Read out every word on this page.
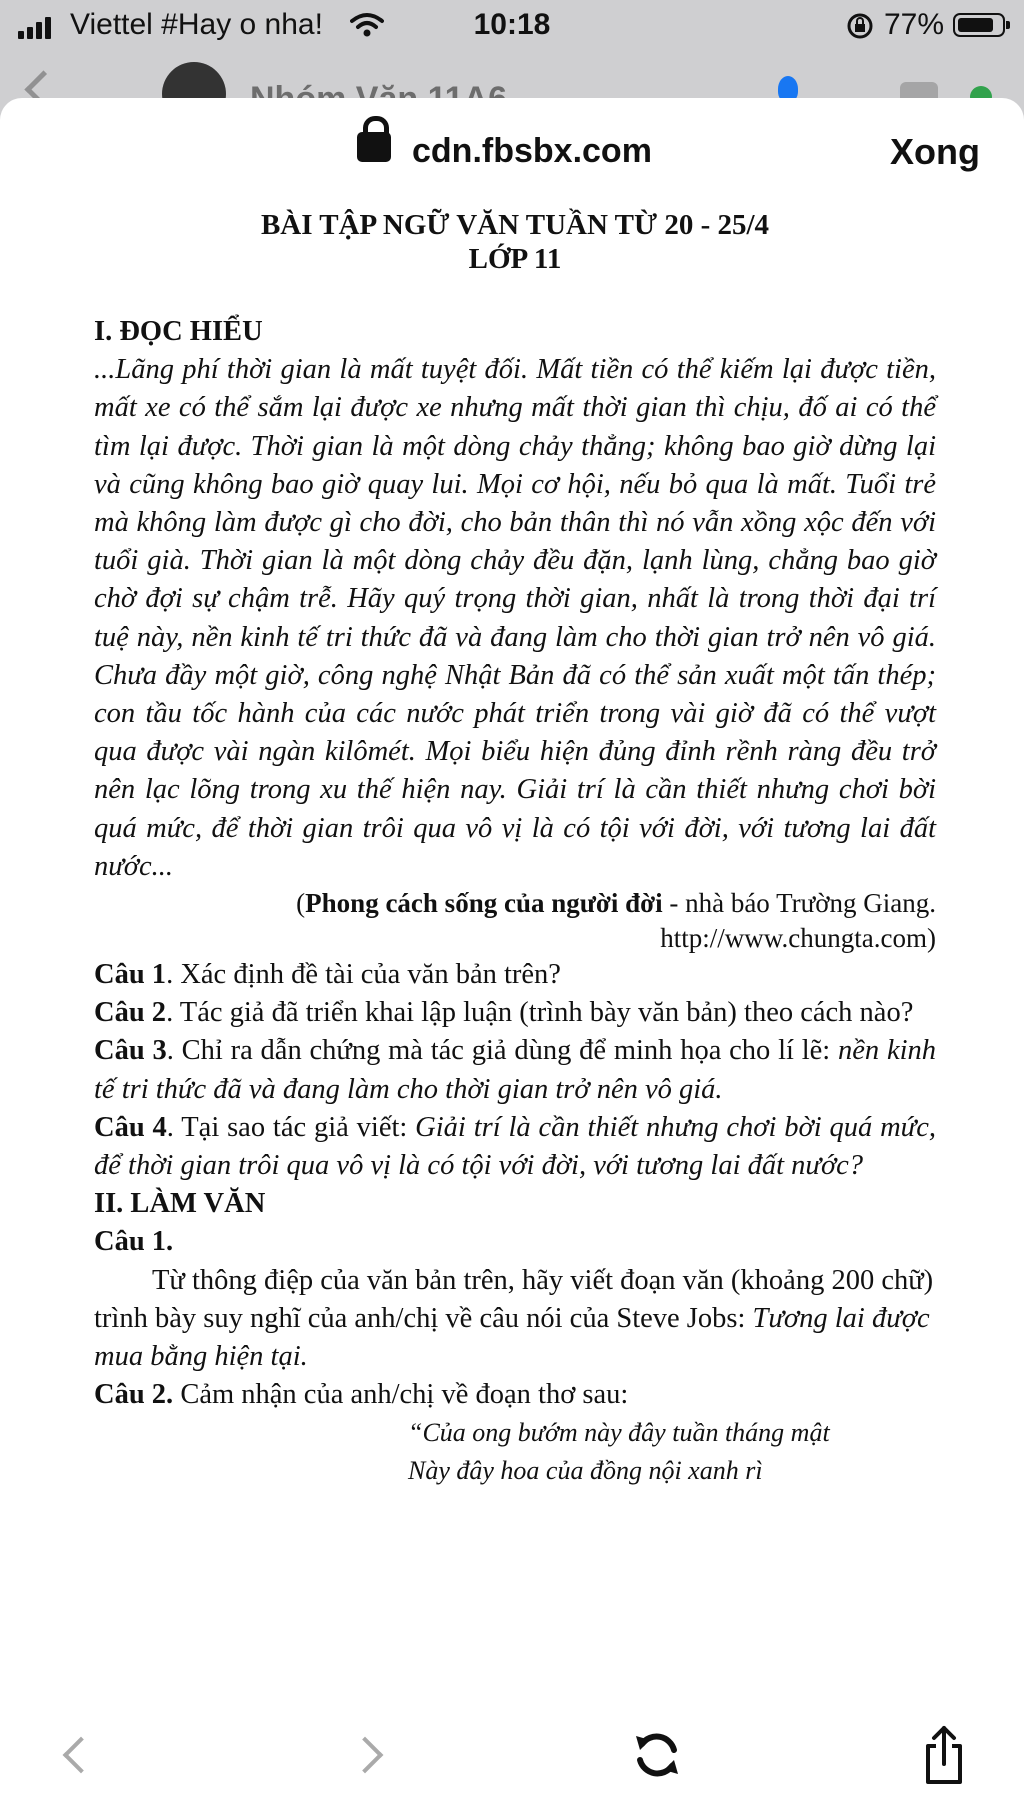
Viettel #Hay o nha!	10:18	77%
cdn.fbsbx.com	Xong
BÀI TẬP NGỮ VĂN TUẦN TỪ 20 - 25/4
LỚP 11
I. ĐỌC HIỂU
...Lãng phí thời gian là mất tuyệt đối. Mất tiền có thể kiếm lại được tiền, mất xe có thể sắm lại được xe nhưng mất thời gian thì chịu, đố ai có thể tìm lại được. Thời gian là một dòng chảy thẳng; không bao giờ dừng lại và cũng không bao giờ quay lui. Mọi cơ hội, nếu bỏ qua là mất. Tuổi trẻ mà không làm được gì cho đời, cho bản thân thì nó vẫn xồng xộc đến với tuổi già. Thời gian là một dòng chảy đều đặn, lạnh lùng, chẳng bao giờ chờ đợi sự chậm trễ. Hãy quý trọng thời gian, nhất là trong thời đại trí tuệ này, nền kinh tế tri thức đã và đang làm cho thời gian trở nên vô giá. Chưa đầy một giờ, công nghệ Nhật Bản đã có thể sản xuất một tấn thép; con tầu tốc hành của các nước phát triển trong vài giờ đã có thể vượt qua được vài ngàn kilômét. Mọi biểu hiện đủng đỉnh rềnh ràng đều trở nên lạc lõng trong xu thế hiện nay. Giải trí là cần thiết nhưng chơi bời quá mức, để thời gian trôi qua vô vị là có tội với đời, với tương lai đất nước...
(Phong cách sống của người đời - nhà báo Trường Giang. http://www.chungta.com)
Câu 1. Xác định đề tài của văn bản trên?
Câu 2. Tác giả đã triển khai lập luận (trình bày văn bản) theo cách nào?
Câu 3. Chỉ ra dẫn chứng mà tác giả dùng để minh họa cho lí lẽ: nền kinh tế tri thức đã và đang làm cho thời gian trở nên vô giá.
Câu 4. Tại sao tác giả viết: Giải trí là cần thiết nhưng chơi bời quá mức, để thời gian trôi qua vô vị là có tội với đời, với tương lai đất nước?
II. LÀM VĂN
Câu 1.
Từ thông điệp của văn bản trên, hãy viết đoạn văn (khoảng 200 chữ) trình bày suy nghĩ của anh/chị về câu nói của Steve Jobs: Tương lai được mua bằng hiện tại.
Câu 2. Cảm nhận của anh/chị về đoạn thơ sau:
“Của ong bướm này đây tuần tháng mật
Này đây hoa của đồng nội xanh rì
